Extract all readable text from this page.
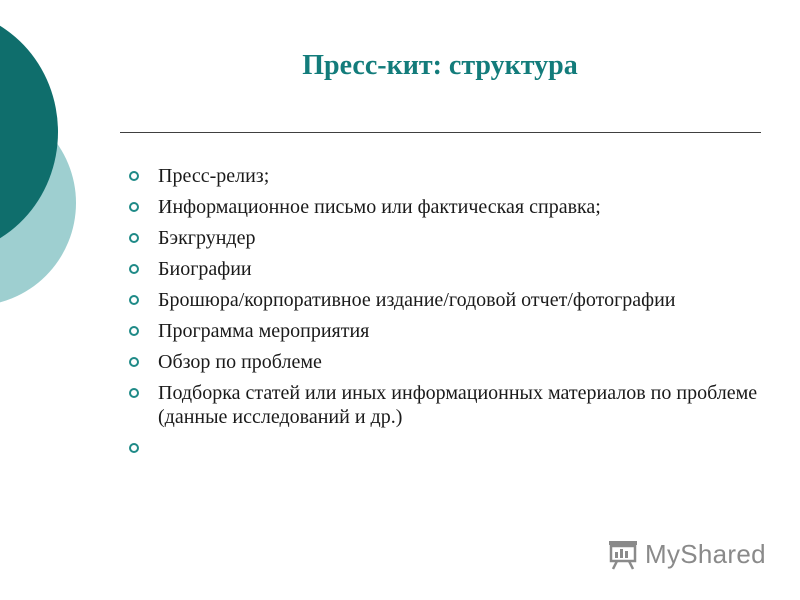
Пресс-кит: структура
Пресс-релиз;
Информационное письмо или фактическая справка;
Бэкгрундер
Биографии
Брошюра/корпоративное издание/годовой отчет/фотографии
Программа мероприятия
Обзор по проблеме
Подборка статей или иных информационных материалов по проблеме (данные исследований и др.)
MyShared
